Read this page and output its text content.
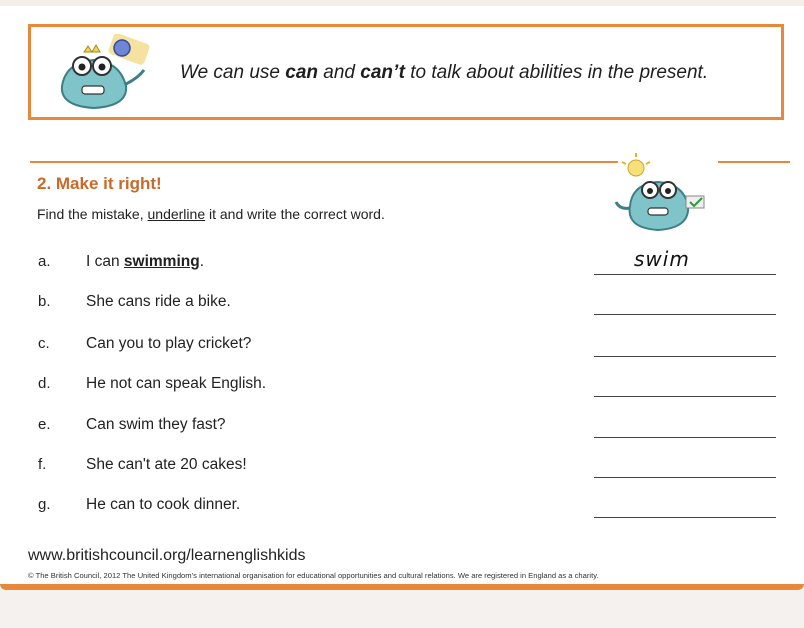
We can use can and can’t to talk about abilities in the present.
2. Make it right!
Find the mistake, underline it and write the correct word.
a. I can swimming.	swim
b. She cans ride a bike.
c. Can you to play cricket?
d. He not can speak English.
e. Can swim they fast?
f.	She can't ate 20 cakes!
g. He can to cook dinner.
www.britishcouncil.org/learnenglishkids
© The British Council, 2012 The United Kingdom’s international organisation for educational opportunities and cultural relations. We are registered in England as a charity.
